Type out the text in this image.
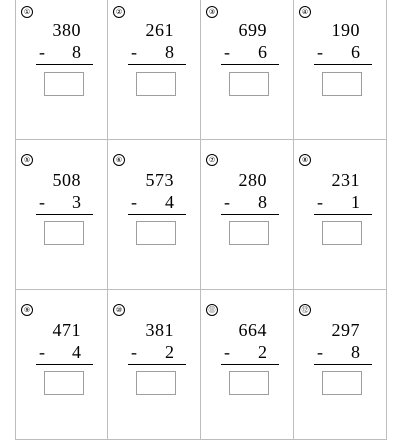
①
380
- 8
②
261
- 8
③
699
- 6
④
190
- 6
⑤
508
- 3
⑥
573
- 4
⑦
280
- 8
⑧
231
- 1
⑨
471
- 4
⑩
381
- 2
⑪
664
- 2
⑫
297
- 8
